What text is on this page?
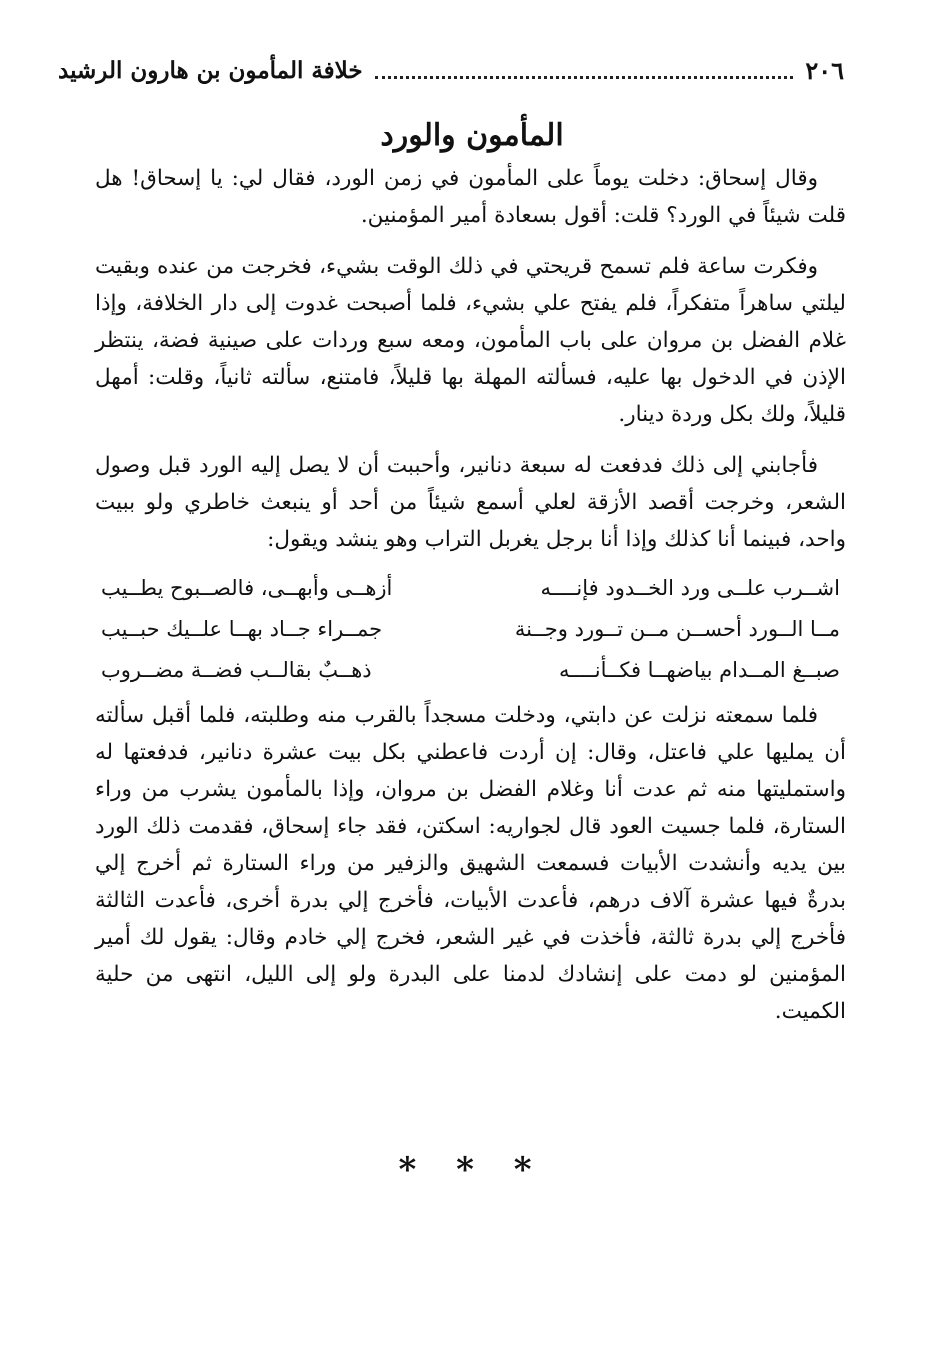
٢٠٦
خلافة المأمون بن هارون الرشيد
المأمون والورد

وقال إسحاق: دخلت يوماً على المأمون في زمن الورد، فقال لي: يا إسحاق! هل قلت شيئاً في الورد؟ قلت: أقول بسعادة أمير المؤمنين.

وفكرت ساعة فلم تسمح قريحتي في ذلك الوقت بشيء، فخرجت من عنده وبقيت ليلتي ساهراً متفكراً، فلم يفتح علي بشيء، فلما أصبحت غدوت إلى دار الخلافة، وإذا غلام الفضل بن مروان على باب المأمون، ومعه سبع وردات على صينية فضة، ينتظر الإذن في الدخول بها عليه، فسألته المهلة بها قليلاً، فامتنع، سألته ثانياً، وقلت: أمهل قليلاً، ولك بكل وردة دينار.

فأجابني إلى ذلك فدفعت له سبعة دنانير، وأحببت أن لا يصل إليه الورد قبل وصول الشعر، وخرجت أقصد الأزقة لعلي أسمع شيئاً من أحد أو ينبعث خاطري ولو ببيت واحد، فبينما أنا كذلك وإذا أنا برجل يغربل التراب وهو ينشد ويقول:

اشــرب علــى ورد الخــدود فإنــــه
أزهــى وأبهــى، فالصــبوح يطــيب
مــا الــورد أحســن مــن تــورد وجــنة
جمــراء جــاد بهــا علــيك حبــيب
صبــغ المــدام بياضهــا فكــأنــــه
ذهــبٌ بقالــب فضــة مضــروب

فلما سمعته نزلت عن دابتي، ودخلت مسجداً بالقرب منه وطلبته، فلما أقبل سألته أن يمليها علي فاعتل، وقال: إن أردت فاعطني بكل بيت عشرة دنانير، فدفعتها له واستمليتها منه ثم عدت أنا وغلام الفضل بن مروان، وإذا بالمأمون يشرب من وراء الستارة، فلما جسيت العود قال لجواريه: اسكتن، فقد جاء إسحاق، فقدمت ذلك الورد بين يديه وأنشدت الأبيات فسمعت الشهيق والزفير من وراء الستارة ثم أخرج إلي بدرةٌ فيها عشرة آلاف درهم، فأعدت الأبيات، فأخرج إلي بدرة أخرى، فأعدت الثالثة فأخرج إلي بدرة ثالثة، فأخذت في غير الشعر، فخرج إلي خادم وقال: يقول لك أمير المؤمنين لو دمت على إنشادك لدمنا على البدرة ولو إلى الليل، انتهى من حلية الكميت.

* * *
